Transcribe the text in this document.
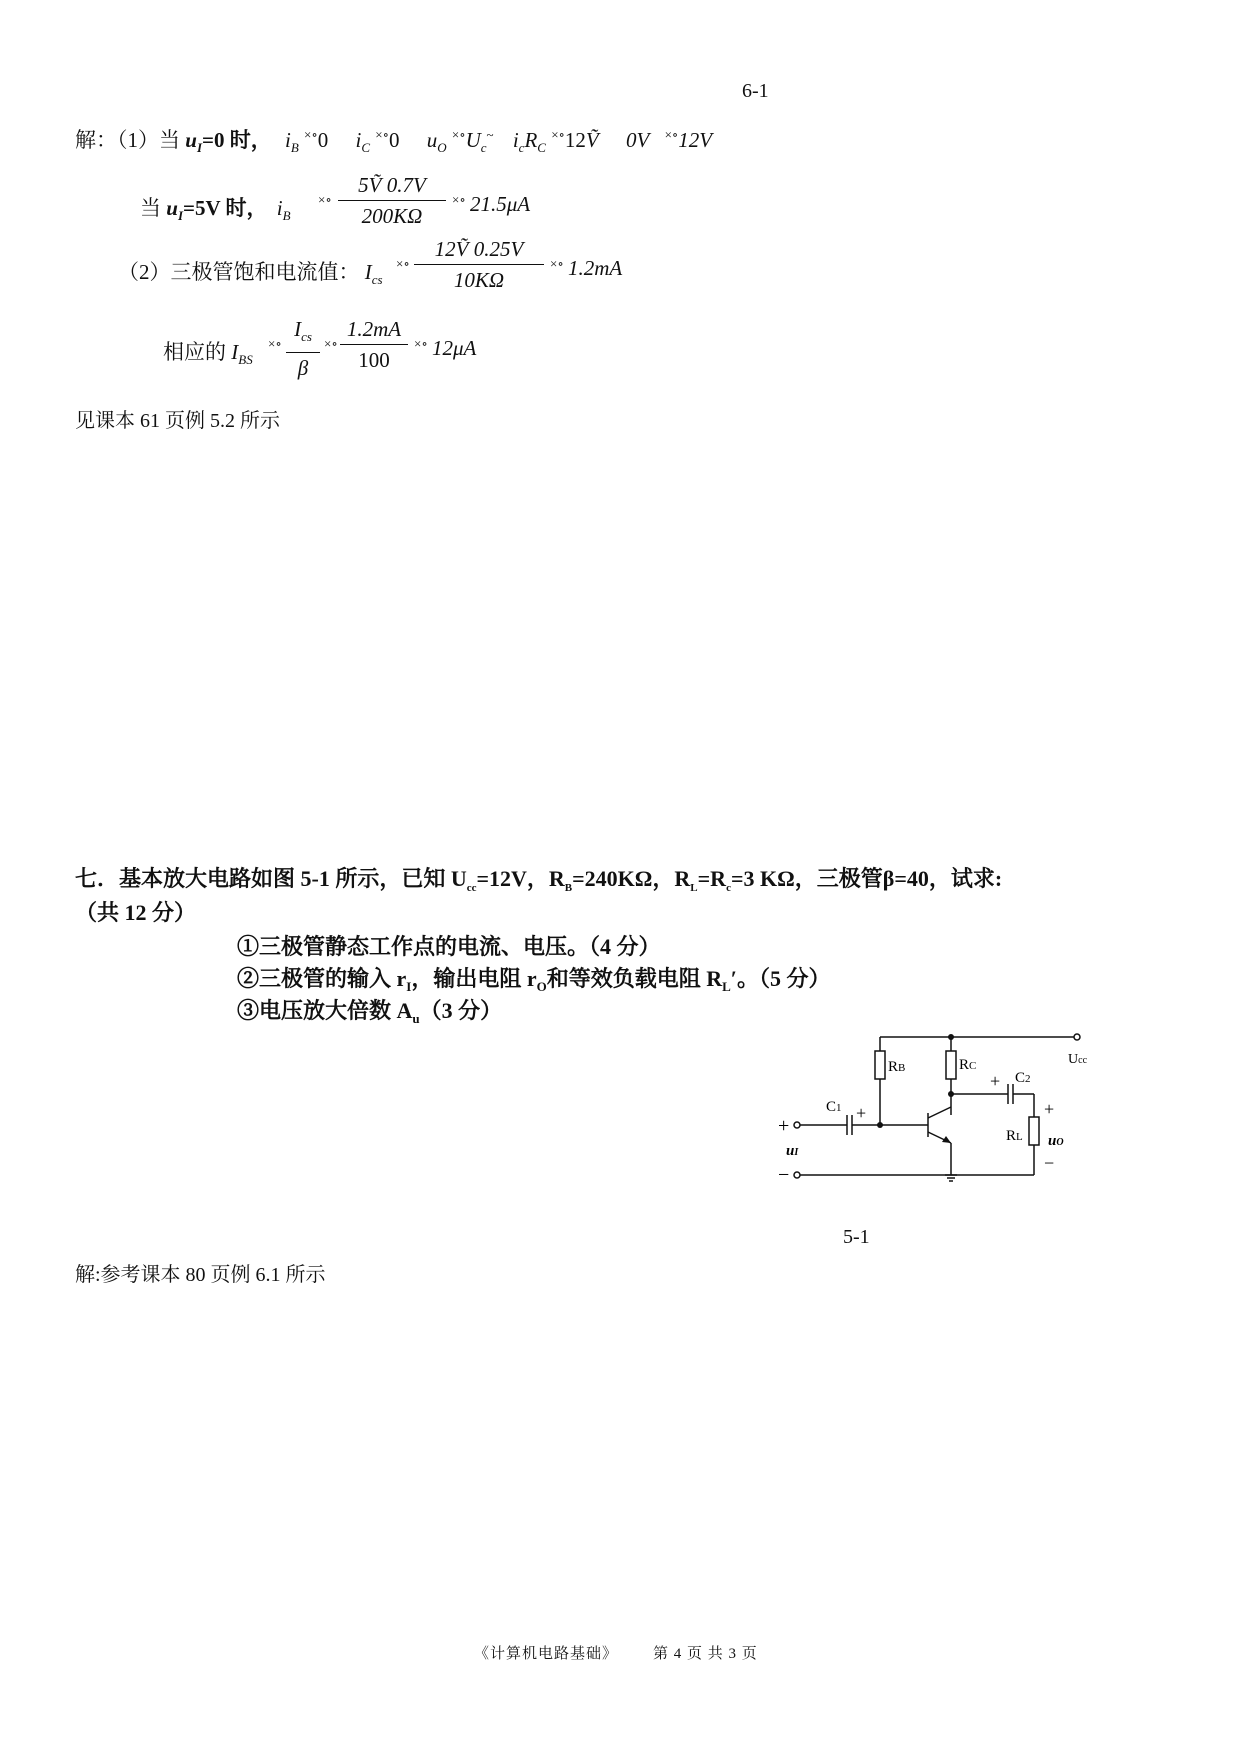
6-1
解：（1）当 $u_I=0$ 时， $i_B$ ×∘0 $i_C$ ×∘0 $u_O$ $^{\times\circ}U_c^\sim$ $i_cR_C$ ×∘12Ṽ 0V ×∘12V
当 $u_I=5V$ 时， $i_B$
×∘
5Ṽ 0.7V
200KΩ
×∘ 21.5μA
（2）三极管饱和电流值： $I_{cs}$
×∘
12Ṽ 0.25V
10KΩ
×∘ 1.2mA
相应的 $I_{BS}$
×∘
$I_{cs}$
β
×∘
1.2mA
100
×∘ 12μA
见课本 61 页例 5.2 所示
七．基本放大电路如图 5-1 所示，已知 $U_{cc}=12V$，$R_B=240K\Omega$，$R_L=R_c=3$ KΩ，三极管β=40，试求:
（共 12 分）
①三极管静态工作点的电流、电压。（4 分）
②三极管的输入 $r_I$，输出电阻 $r_O$和等效负载电阻 $R_L'$。（5 分）
③电压放大倍数 $A_u(3$ 分）
Ucc
RB	RC
C2
+
C1 +
RL
+
−
uO
+
−
uI
5-1
解:参考课本 80 页例 6.1 所示
《计算机电路基础》 第 4 页 共 3 页
